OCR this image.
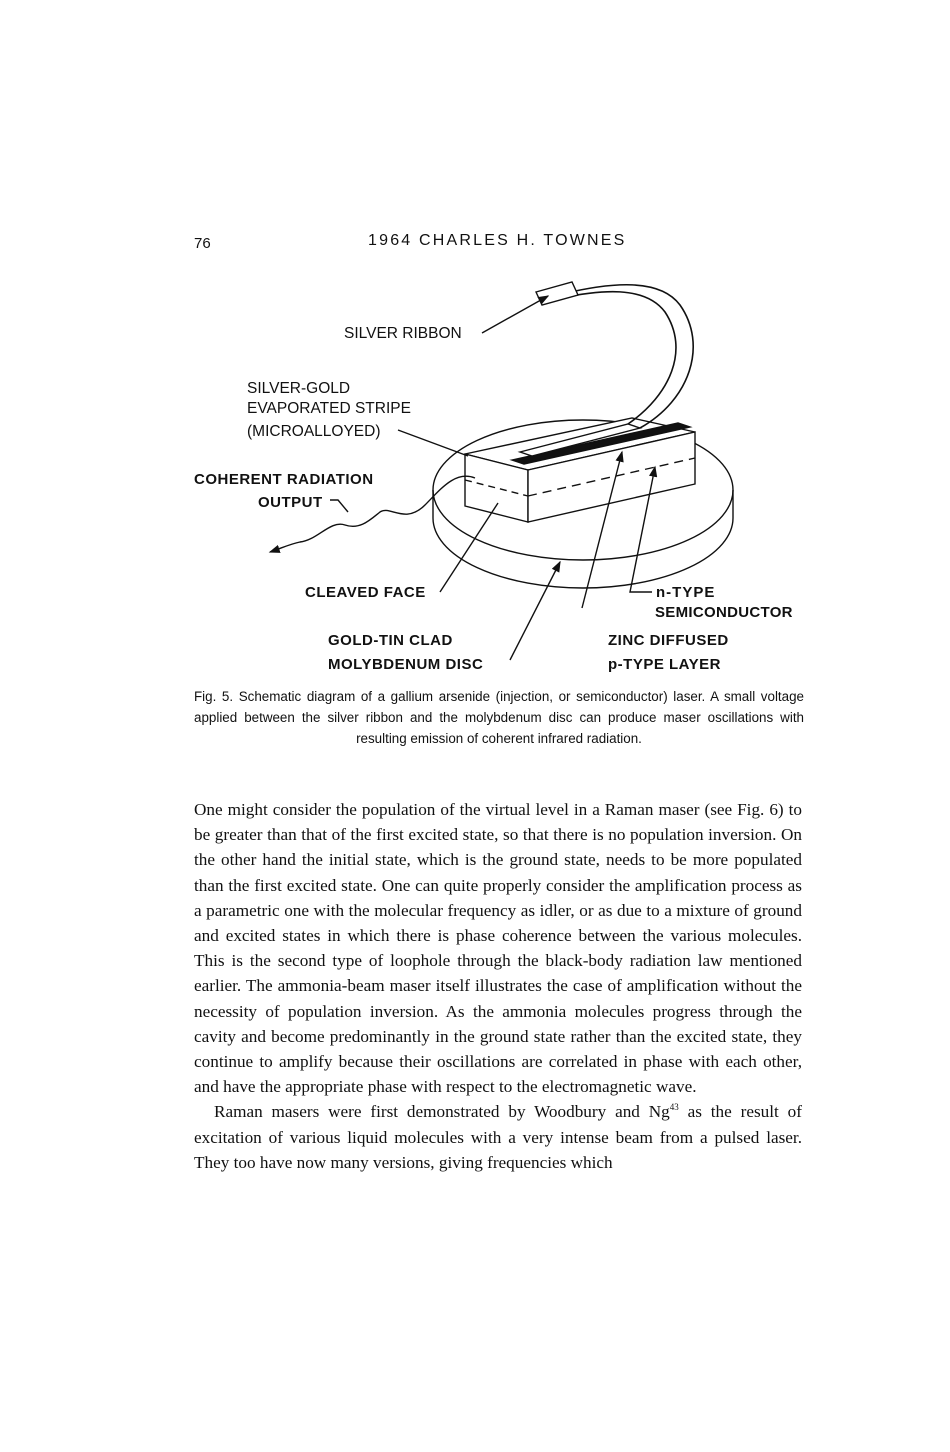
76	1964 CHARLES H. TOWNES
SILVER RIBBON
SILVER-GOLD
EVAPORATED STRIPE
(MICROALLOYED)
COHERENT RADIATION
OUTPUT
CLEAVED FACE	n-TYPE
SEMICONDUCTOR
GOLD-TIN CLAD
MOLYBDENUM DISC
ZINC DIFFUSED
p-TYPE LAYER

Fig. 5. Schematic diagram of a gallium arsenide (injection, or semiconductor) laser. A small voltage applied between the silver ribbon and the molybdenum disc can produce maser oscillations with resulting emission of coherent infrared radiation.

One might consider the population of the virtual level in a Raman maser (see Fig. 6) to be greater than that of the first excited state, so that there is no population inversion. On the other hand the initial state, which is the ground state, needs to be more populated than the first excited state. One can quite properly consider the amplification process as a parametric one with the molecular frequency as idler, or as due to a mixture of ground and excited states in which there is phase coherence between the various molecules. This is the second type of loophole through the black-body radiation law mentioned earlier. The ammonia-beam maser itself illustrates the case of amplification without the necessity of population inversion. As the ammonia molecules progress through the cavity and become predominantly in the ground state rather than the excited state, they continue to amplify because their oscillations are correlated in phase with each other, and have the appropriate phase with respect to the electromagnetic wave.

Raman masers were first demonstrated by Woodbury and Ng$^{43}$ as the result of excitation of various liquid molecules with a very intense beam from a pulsed laser. They too have now many versions, giving frequencies which
